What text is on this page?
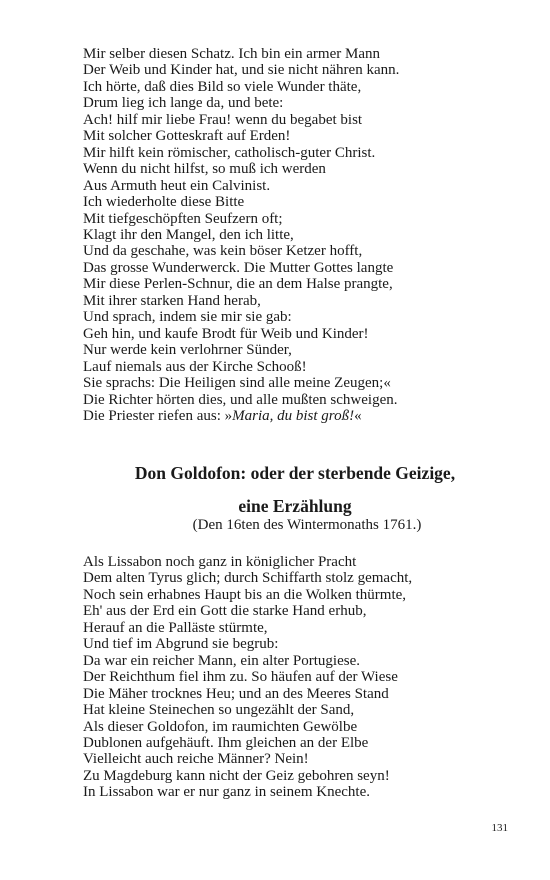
Mir selber diesen Schatz. Ich bin ein armer Mann
Der Weib und Kinder hat, und sie nicht nähren kann.
Ich hörte, daß dies Bild so viele Wunder thäte,
Drum lieg ich lange da, und bete:
Ach! hilf mir liebe Frau! wenn du begabet bist
Mit solcher Gotteskraft auf Erden!
Mir hilft kein römischer, catholisch-guter Christ.
Wenn du nicht hilfst, so muß ich werden
Aus Armuth heut ein Calvinist.
Ich wiederholte diese Bitte
Mit tiefgeschöpften Seufzern oft;
Klagt ihr den Mangel, den ich litte,
Und da geschahe, was kein böser Ketzer hofft,
Das grosse Wunderwerck. Die Mutter Gottes langte
Mir diese Perlen-Schnur, die an dem Halse prangte,
Mit ihrer starken Hand herab,
Und sprach, indem sie mir sie gab:
Geh hin, und kaufe Brodt für Weib und Kinder!
Nur werde kein verlohrner Sünder,
Lauf niemals aus der Kirche Schooß!
Sie sprachs: Die Heiligen sind alle meine Zeugen;«
Die Richter hörten dies, und alle mußten schweigen.
Die Priester riefen aus: »Maria, du bist groß!«
Don Goldofon: oder der sterbende Geizige,
eine Erzählung
(Den 16ten des Wintermonaths 1761.)
Als Lissabon noch ganz in königlicher Pracht
Dem alten Tyrus glich; durch Schiffarth stolz gemacht,
Noch sein erhabnes Haupt bis an die Wolken thürmte,
Eh' aus der Erd ein Gott die starke Hand erhub,
Herauf an die Palläste stürmte,
Und tief im Abgrund sie begrub:
Da war ein reicher Mann, ein alter Portugiese.
Der Reichthum fiel ihm zu. So häufen auf der Wiese
Die Mäher trocknes Heu; und an des Meeres Stand
Hat kleine Steinechen so ungezählt der Sand,
Als dieser Goldofon, im raumichten Gewölbe
Dublonen aufgehäuft. Ihm gleichen an der Elbe
Vielleicht auch reiche Männer? Nein!
Zu Magdeburg kann nicht der Geiz gebohren seyn!
In Lissabon war er nur ganz in seinem Knechte.
131
